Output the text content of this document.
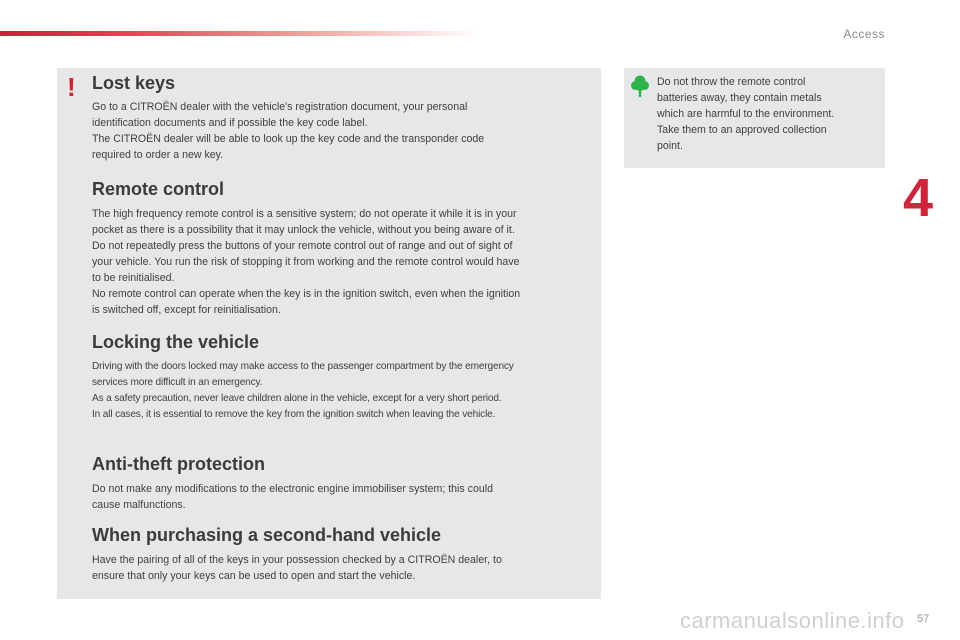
Access
! Lost keys

Go to a CITROËN dealer with the vehicle's registration document, your personal
identification documents and if possible the key code label.
The CITROËN dealer will be able to look up the key code and the transponder code
required to order a new key.

Remote control

The high frequency remote control is a sensitive system; do not operate it while it is in your
pocket as there is a possibility that it may unlock the vehicle, without you being aware of it.
Do not repeatedly press the buttons of your remote control out of range and out of sight of
your vehicle. You run the risk of stopping it from working and the remote control would have
to be reinitialised.
No remote control can operate when the key is in the ignition switch, even when the ignition
is switched off, except for reinitialisation.

Locking the vehicle

Driving with the doors locked may make access to the passenger compartment by the emergency
services more difficult in an emergency.
As a safety precaution, never leave children alone in the vehicle, except for a very short period.
In all cases, it is essential to remove the key from the ignition switch when leaving the vehicle.

Anti-theft protection

Do not make any modifications to the electronic engine immobiliser system; this could
cause malfunctions.

When purchasing a second-hand vehicle

Have the pairing of all of the keys in your possession checked by a CITROËN dealer, to
ensure that only your keys can be used to open and start the vehicle.

Do not throw the remote control
batteries away, they contain metals
which are harmful to the environment.
Take them to an approved collection
point.

4
carmanualsonline.info 57
